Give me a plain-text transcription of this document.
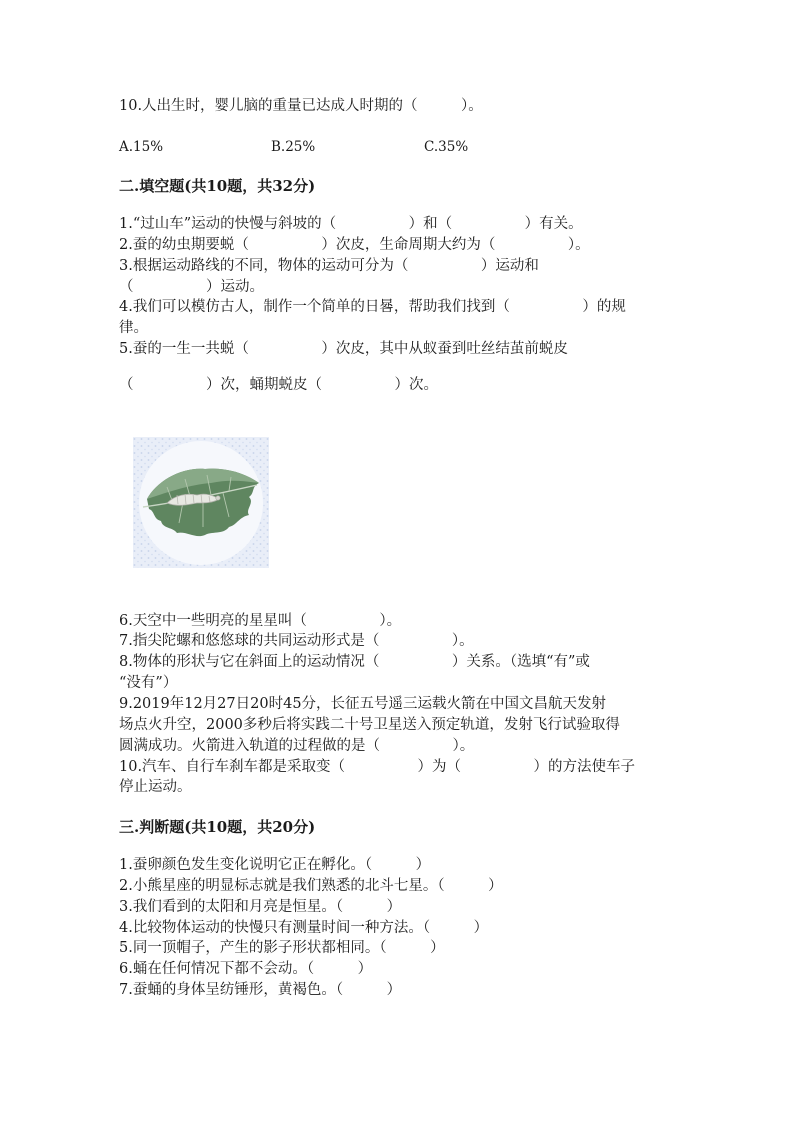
10.人出生时，婴儿脑的重量已达成人时期的（　　　）。
A.15%	B.25%	C.35%
二.填空题(共10题，共32分)
1.“过山车”运动的快慢与斜坡的（　　　　　）和（　　　　　）有关。
2.蚕的幼虫期要蜕（　　　　　）次皮，生命周期大约为（　　　　　）。
3.根据运动路线的不同，物体的运动可分为（　　　　　）运动和
（　　　　　）运动。
4.我们可以模仿古人，制作一个简单的日晷，帮助我们找到（　　　　　）的规
律。
5.蚕的一生一共蜕（　　　　　）次皮，其中从蚁蚕到吐丝结茧前蜕皮
（　　　　　）次，蛹期蜕皮（　　　　　）次。
6.天空中一些明亮的星星叫（　　　　　）。
7.指尖陀螺和悠悠球的共同运动形式是（　　　　　）。
8.物体的形状与它在斜面上的运动情况（　　　　　）关系。（选填“有”或
“没有”）
9.2019年12月27日20时45分，长征五号遥三运载火箭在中国文昌航天发射
场点火升空，2000多秒后将实践二十号卫星送入预定轨道，发射飞行试验取得
圆满成功。火箭进入轨道的过程做的是（　　　　　）。
10.汽车、自行车刹车都是采取变（　　　　　）为（　　　　　）的方法使车子
停止运动。
三.判断题(共10题，共20分)
1.蚕卵颜色发生变化说明它正在孵化。（　　　）
2.小熊星座的明显标志就是我们熟悉的北斗七星。（　　　）
3.我们看到的太阳和月亮是恒星。（　　　）
4.比较物体运动的快慢只有测量时间一种方法。（　　　）
5.同一顶帽子，产生的影子形状都相同。（　　　）
6.蛹在任何情况下都不会动。（　　　）
7.蚕蛹的身体呈纺锤形，黄褐色。（　　　）
